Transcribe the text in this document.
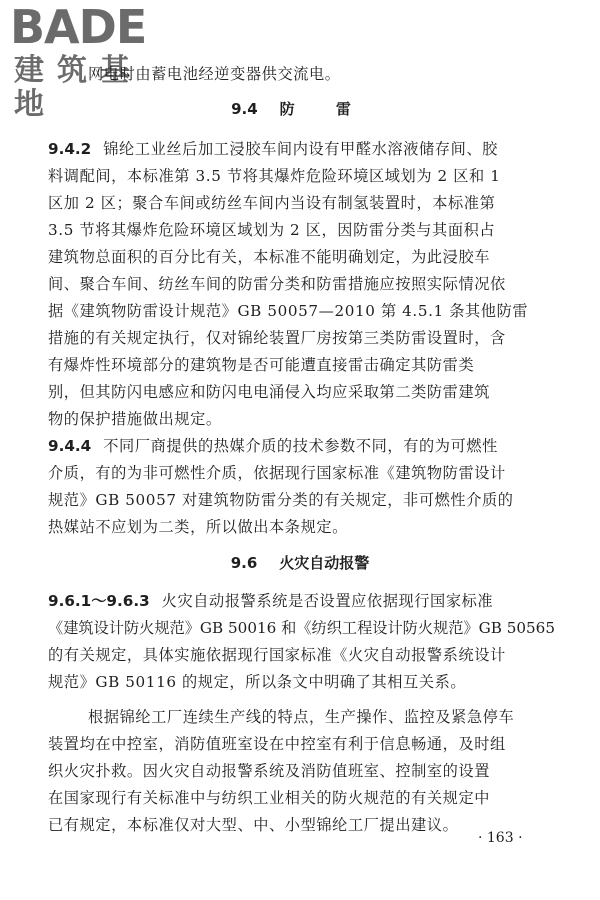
BADE
建筑基地
网电时由蓄电池经逆变器供交流电。
9.4 防 雷
9.4.2 锦纶工业丝后加工浸胶车间内设有甲醛水溶液储存间、胶
料调配间，本标准第 3.5 节将其爆炸危险环境区域划为 2 区和 1
区加 2 区；聚合车间或纺丝车间内当设有制氢装置时，本标准第
3.5 节将其爆炸危险环境区域划为 2 区，因防雷分类与其面积占
建筑物总面积的百分比有关，本标准不能明确划定，为此浸胶车
间、聚合车间、纺丝车间的防雷分类和防雷措施应按照实际情况依
据《建筑物防雷设计规范》GB 50057—2010 第 4.5.1 条其他防雷
措施的有关规定执行，仅对锦纶装置厂房按第三类防雷设置时，含
有爆炸性环境部分的建筑物是否可能遭直接雷击确定其防雷类
别，但其防闪电感应和防闪电电涌侵入均应采取第二类防雷建筑
物的保护措施做出规定。
9.4.4 不同厂商提供的热媒介质的技术参数不同，有的为可燃性
介质，有的为非可燃性介质，依据现行国家标准《建筑物防雷设计
规范》GB 50057 对建筑物防雷分类的有关规定，非可燃性介质的
热媒站不应划为二类，所以做出本条规定。
9.6 火灾自动报警
9.6.1～9.6.3 火灾自动报警系统是否设置应依据现行国家标准
《建筑设计防火规范》GB 50016 和《纺织工程设计防火规范》GB 50565
的有关规定，具体实施依据现行国家标准《火灾自动报警系统设计
规范》GB 50116 的规定，所以条文中明确了其相互关系。
根据锦纶工厂连续生产线的特点，生产操作、监控及紧急停车
装置均在中控室，消防值班室设在中控室有利于信息畅通，及时组
织火灾扑救。因火灾自动报警系统及消防值班室、控制室的设置
在国家现行有关标准中与纺织工业相关的防火规范的有关规定中
已有规定，本标准仅对大型、中、小型锦纶工厂提出建议。
· 163 ·
